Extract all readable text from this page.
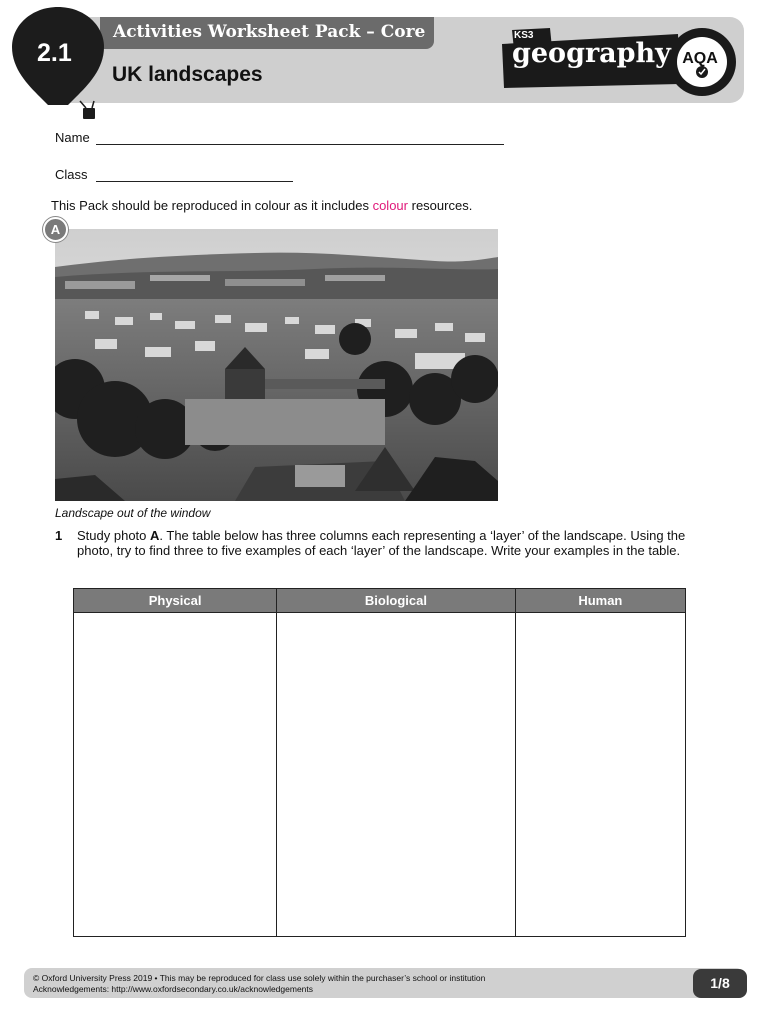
Activities Worksheet Pack – Core
UK landscapes
2.1
KS3
geography AQA
Name
Class
This Pack should be reproduced in colour as it includes colour resources.
A
Landscape out of the window
1 Study photo A. The table below has three columns each representing a ‘layer’ of the landscape. Using the photo, try to find three to five examples of each ‘layer’ of the landscape. Write your examples in the table.
Physical	Biological	Human

© Oxford University Press 2019 • This may be reproduced for class use solely within the purchaser’s school or institution
Acknowledgements: http://www.oxfordsecondary.co.uk/acknowledgements	1/8
